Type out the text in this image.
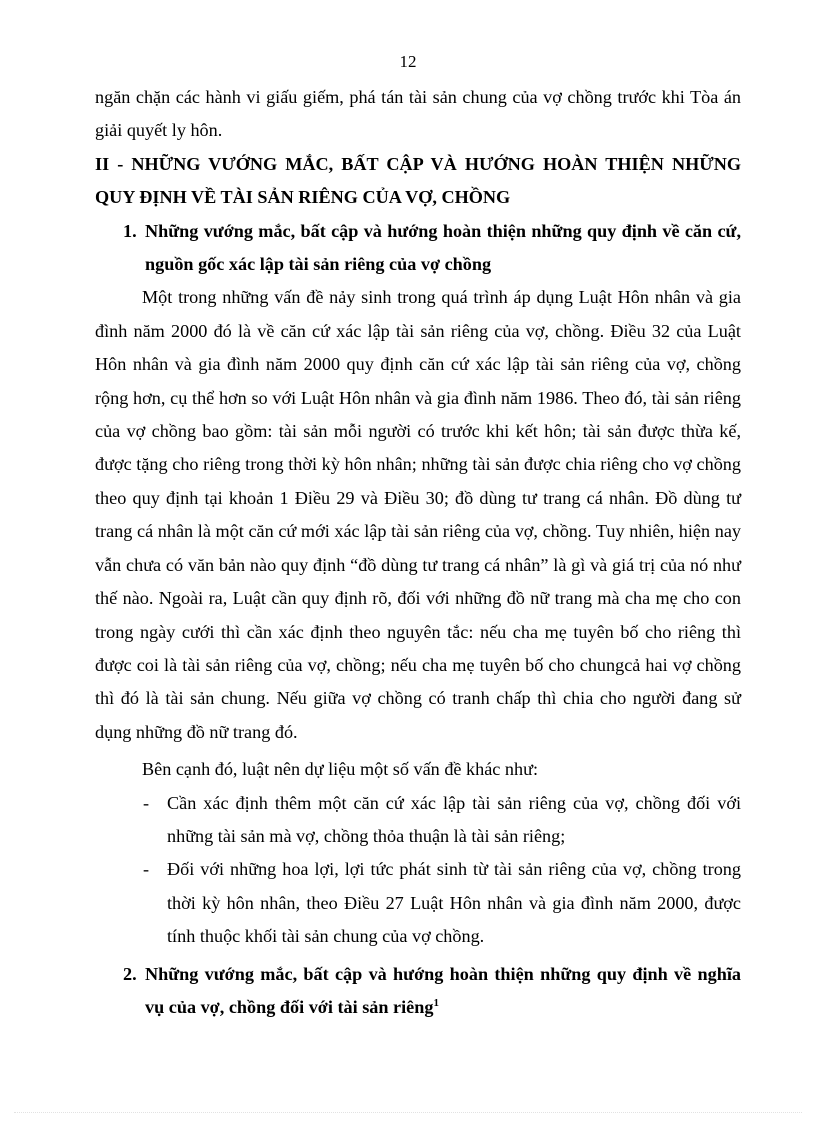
12

ngăn chặn các hành vi giấu giếm, phá tán tài sản chung của vợ chồng trước khi Tòa án giải quyết ly hôn.

II - NHỮNG VƯỚNG MẮC, BẤT CẬP VÀ HƯỚNG HOÀN THIỆN NHỮNG QUY ĐỊNH VỀ TÀI SẢN RIÊNG CỦA VỢ, CHỒNG

1. Những vướng mắc, bất cập và hướng hoàn thiện những quy định về căn cứ, nguồn gốc xác lập tài sản riêng của vợ chồng

Một trong những vấn đề nảy sinh trong quá trình áp dụng Luật Hôn nhân và gia đình năm 2000 đó là về căn cứ xác lập tài sản riêng của vợ, chồng. Điều 32 của Luật Hôn nhân và gia đình năm 2000 quy định căn cứ xác lập tài sản riêng của vợ, chồng rộng hơn, cụ thể hơn so với Luật Hôn nhân và gia đình năm 1986. Theo đó, tài sản riêng của vợ chồng bao gồm: tài sản mỗi người có trước khi kết hôn; tài sản được thừa kế, được tặng cho riêng trong thời kỳ hôn nhân; những tài sản được chia riêng cho vợ chồng theo quy định tại khoản 1 Điều 29 và Điều 30; đồ dùng tư trang cá nhân. Đồ dùng tư trang cá nhân là một căn cứ mới xác lập tài sản riêng của vợ, chồng. Tuy nhiên, hiện nay vẫn chưa có văn bản nào quy định “đồ dùng tư trang cá nhân” là gì và giá trị của nó như thế nào. Ngoài ra, Luật cần quy định rõ, đối với những đồ nữ trang mà cha mẹ cho con trong ngày cưới thì cần xác định theo nguyên tắc: nếu cha mẹ tuyên bố cho riêng thì được coi là tài sản riêng của vợ, chồng; nếu cha mẹ tuyên bố cho chungcả hai vợ chồng thì đó là tài sản chung. Nếu giữa vợ chồng có tranh chấp thì chia cho người đang sử dụng những đồ nữ trang đó.

Bên cạnh đó, luật nên dự liệu một số vấn đề khác như:

- Cần xác định thêm một căn cứ xác lập tài sản riêng của vợ, chồng đối với những tài sản mà vợ, chồng thỏa thuận là tài sản riêng;
- Đối với những hoa lợi, lợi tức phát sinh từ tài sản riêng của vợ, chồng trong thời kỳ hôn nhân, theo Điều 27 Luật Hôn nhân và gia đình năm 2000, được tính thuộc khối tài sản chung của vợ chồng.
2. Những vướng mắc, bất cập và hướng hoàn thiện những quy định về nghĩa vụ của vợ, chồng đối với tài sản riêng$^1$
